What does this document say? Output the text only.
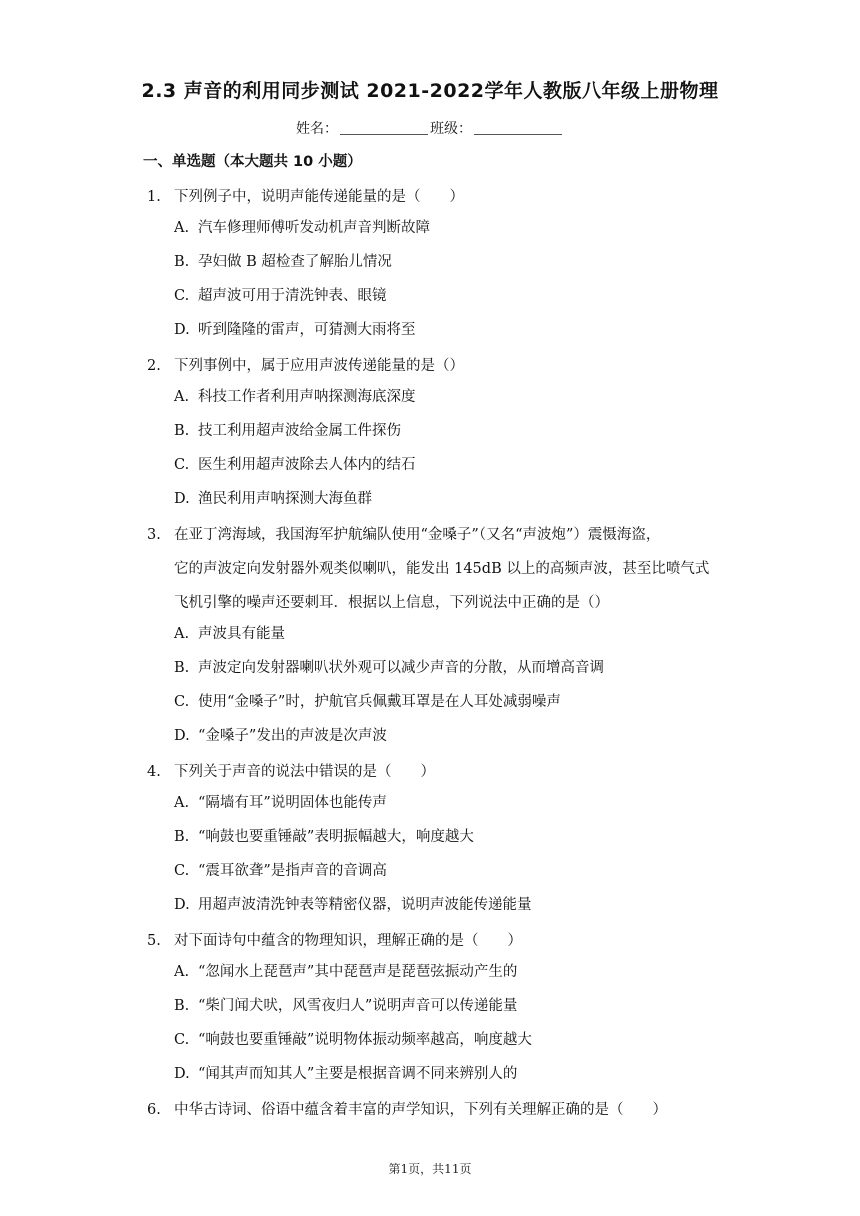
2.3 声音的利用同步测试 2021-2022学年人教版八年级上册物理
姓名：	班级：
一、单选题（本大题共 10 小题）
1. 下列例子中，说明声能传递能量的是（　　）
A. 汽车修理师傅听发动机声音判断故障
B. 孕妇做 B 超检查了解胎儿情况
C. 超声波可用于清洗钟表、眼镜
D. 听到隆隆的雷声，可猜测大雨将至
2. 下列事例中，属于应用声波传递能量的是（）
A. 科技工作者利用声呐探测海底深度
B. 技工利用超声波给金属工件探伤
C. 医生利用超声波除去人体内的结石
D. 渔民利用声呐探测大海鱼群
3. 在亚丁湾海域，我国海军护航编队使用“金嗓子”（又名“声波炮”）震慑海盗，
它的声波定向发射器外观类似喇叭，能发出 145dB 以上的高频声波，甚至比喷气式
飞机引擎的噪声还要刺耳．根据以上信息，下列说法中正确的是（）
A. 声波具有能量
B. 声波定向发射器喇叭状外观可以减少声音的分散，从而增高音调
C. 使用“金嗓子”时，护航官兵佩戴耳罩是在人耳处减弱噪声
D. “金嗓子”发出的声波是次声波
4. 下列关于声音的说法中错误的是（　　）
A. “隔墙有耳”说明固体也能传声
B. “响鼓也要重锤敲”表明振幅越大，响度越大
C. “震耳欲聋”是指声音的音调高
D. 用超声波清洗钟表等精密仪器，说明声波能传递能量
5. 对下面诗句中蕴含的物理知识，理解正确的是（　　）
A. “忽闻水上琵琶声”其中琵琶声是琵琶弦振动产生的
B. “柴门闻犬吠，风雪夜归人”说明声音可以传递能量
C. “响鼓也要重锤敲”说明物体振动频率越高，响度越大
D. “闻其声而知其人”主要是根据音调不同来辨别人的
6. 中华古诗词、俗语中蕴含着丰富的声学知识，下列有关理解正确的是（　　）
第1页，共11页
